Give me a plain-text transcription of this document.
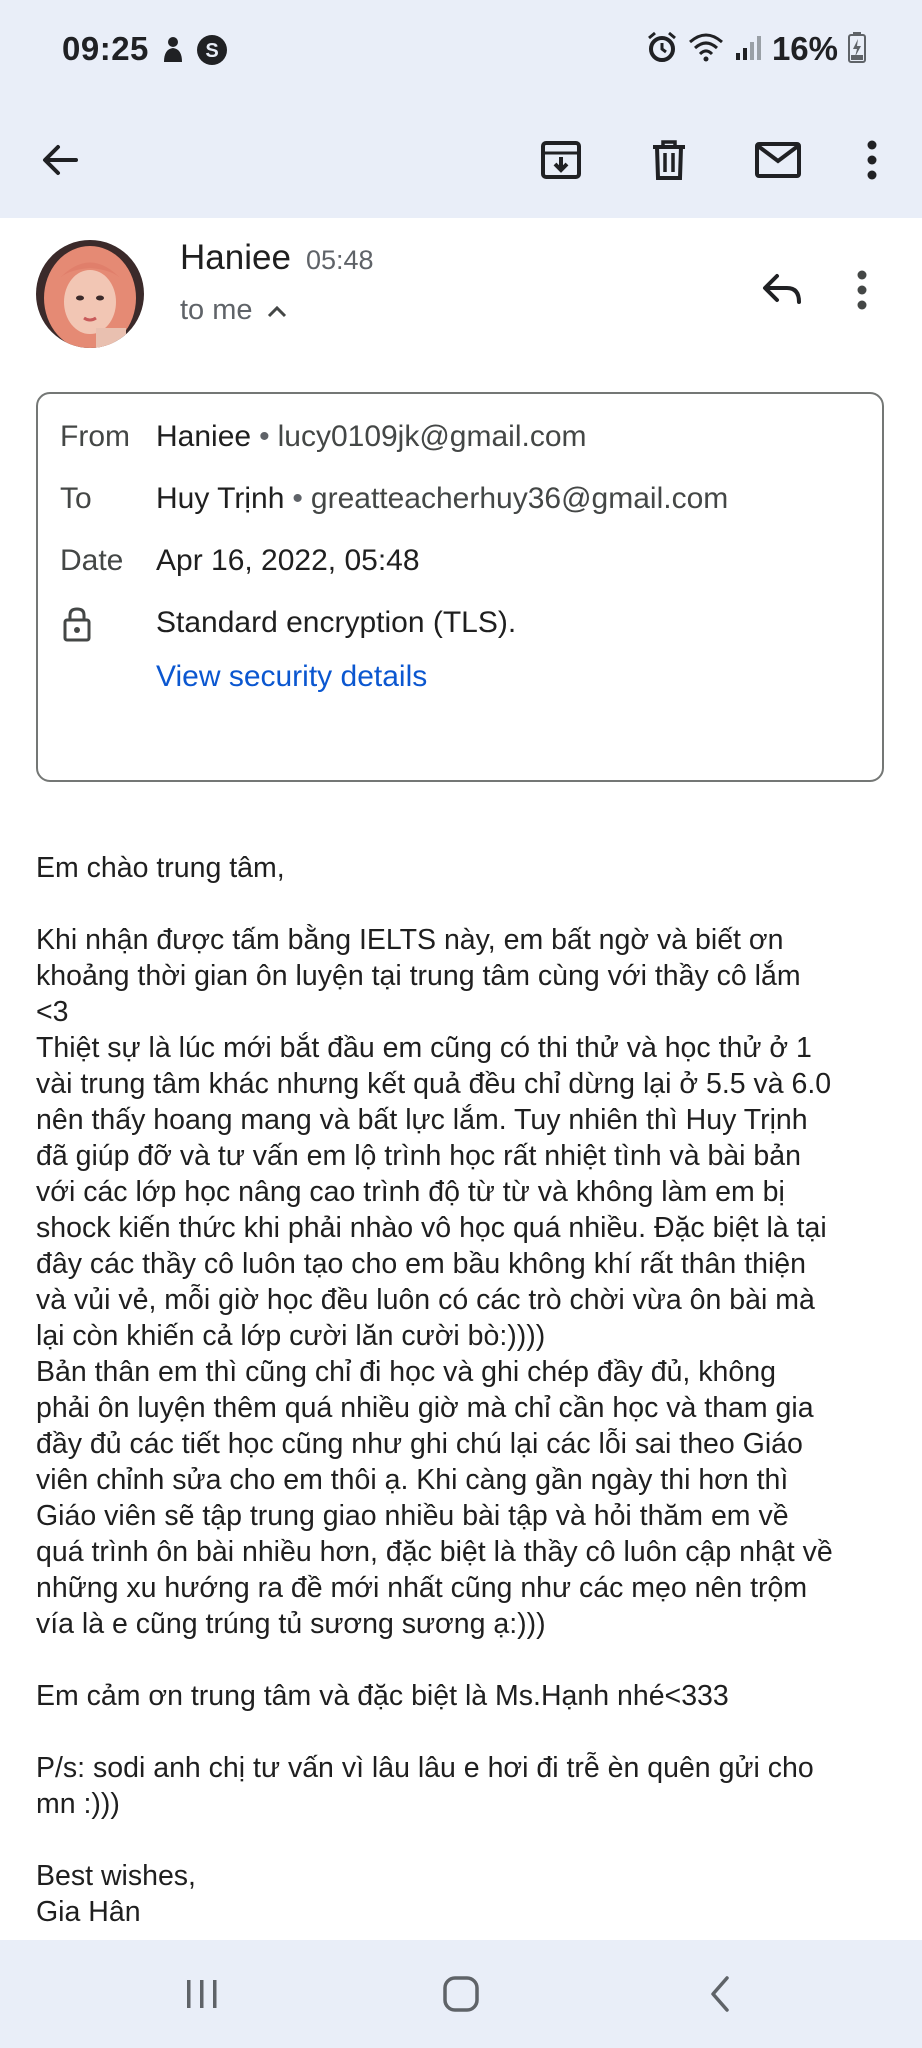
09:25	S	16%
Haniee 05:48
to me
From Haniee • lucy0109jk@gmail.com
To Huy Trịnh • greatteacherhuy36@gmail.com
Date Apr 16, 2022, 05:48
Standard encryption (TLS).
View security details

Em chào trung tâm,

Khi nhận được tấm bằng IELTS này, em bất ngờ và biết ơn
khoảng thời gian ôn luyện tại trung tâm cùng với thầy cô lắm
<3

Thiệt sự là lúc mới bắt đầu em cũng có thi thử và học thử ở 1
vài trung tâm khác nhưng kết quả đều chỉ dừng lại ở 5.5 và 6.0
nên thấy hoang mang và bất lực lắm. Tuy nhiên thì Huy Trịnh
đã giúp đỡ và tư vấn em lộ trình học rất nhiệt tình và bài bản
với các lớp học nâng cao trình độ từ từ và không làm em bị
shock kiến thức khi phải nhào vô học quá nhiều. Đặc biệt là tại
đây các thầy cô luôn tạo cho em bầu không khí rất thân thiện
và vủi vẻ, mỗi giờ học đều luôn có các trò chời vừa ôn bài mà
lại còn khiến cả lớp cười lăn cười bò:))))

Bản thân em thì cũng chỉ đi học và ghi chép đầy đủ, không
phải ôn luyện thêm quá nhiều giờ mà chỉ cần học và tham gia
đầy đủ các tiết học cũng như ghi chú lại các lỗi sai theo Giáo
viên chỉnh sửa cho em thôi ạ. Khi càng gần ngày thi hơn thì
Giáo viên sẽ tập trung giao nhiều bài tập và hỏi thăm em về
quá trình ôn bài nhiều hơn, đặc biệt là thầy cô luôn cập nhật về
những xu hướng ra đề mới nhất cũng như các mẹo nên trộm
vía là e cũng trúng tủ sương sương ạ:)))

Em cảm ơn trung tâm và đặc biệt là Ms.Hạnh nhé<333

P/s: sodi anh chị tư vấn vì lâu lâu e hơi đi trễ èn quên gửi cho
mn :)))

Best wishes,

Gia Hân
